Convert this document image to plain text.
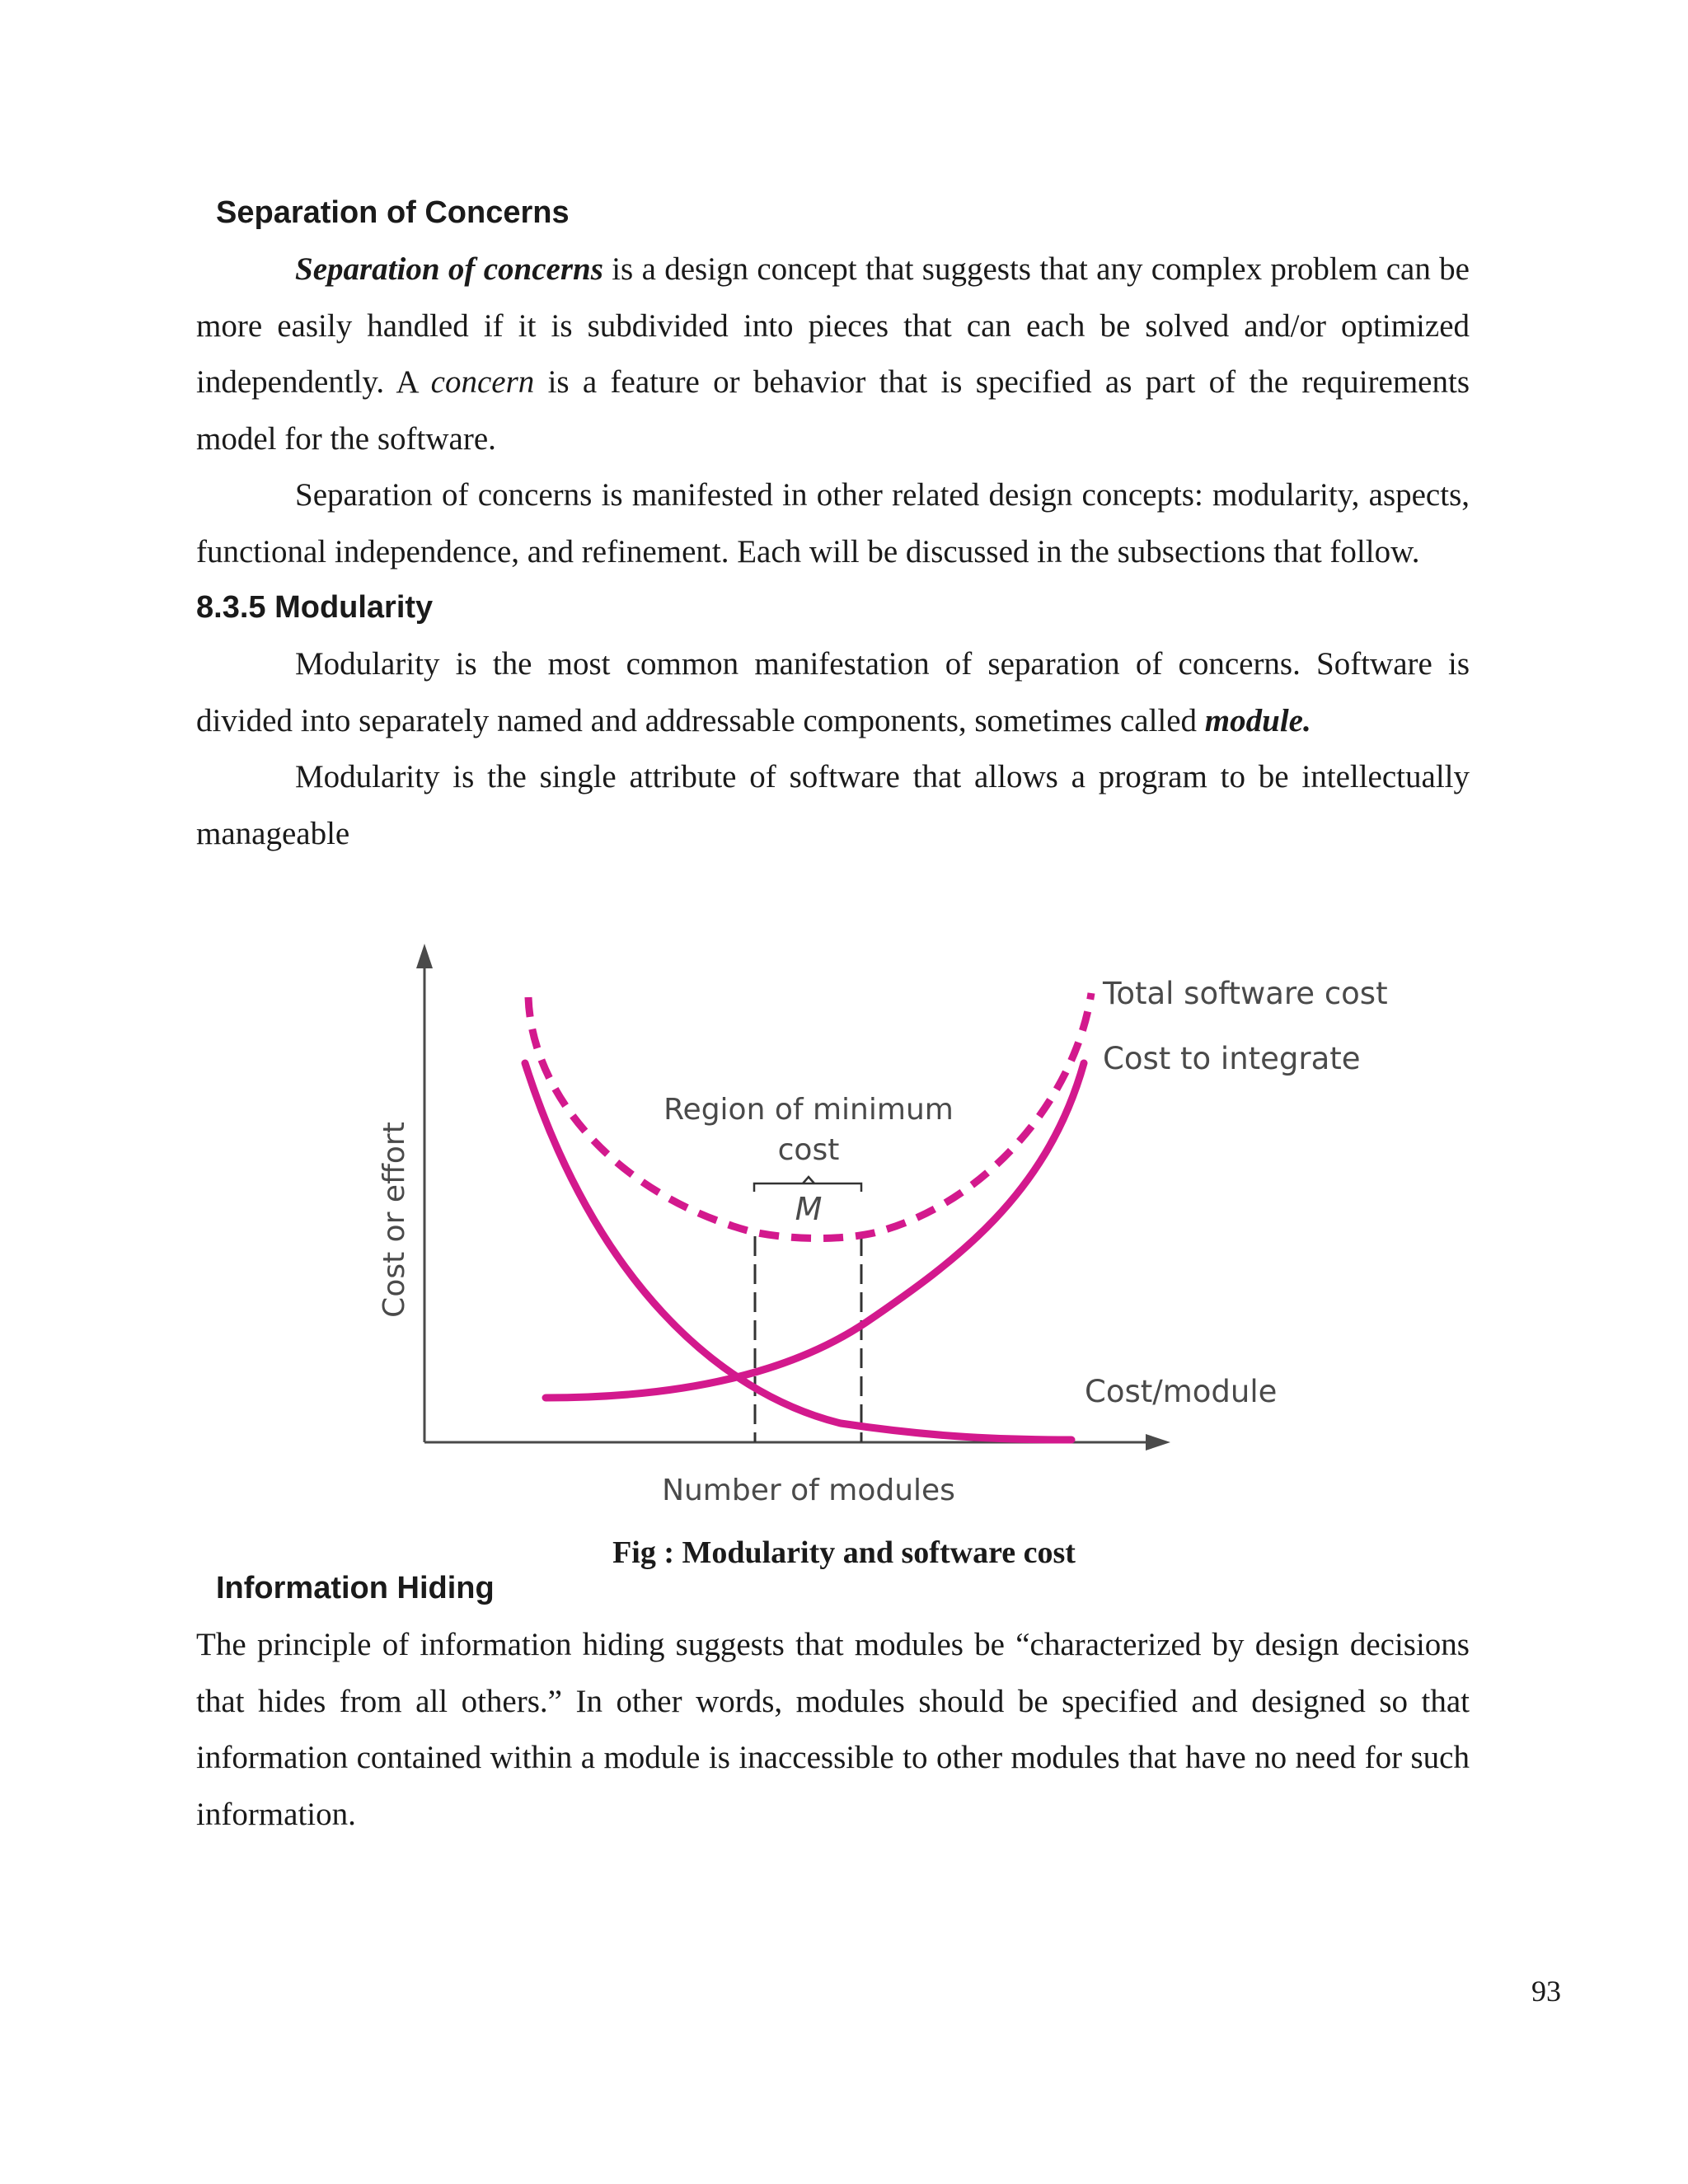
Separation of Concerns

Separation of concerns is a design concept that suggests that any complex problem can be more easily handled if it is subdivided into pieces that can each be solved and/or optimized independently. A concern is a feature or behavior that is specified as part of the requirements model for the software.

Separation of concerns is manifested in other related design concepts: modularity, aspects, functional independence, and refinement. Each will be discussed in the subsections that follow.

8.3.5 Modularity

Modularity is the most common manifestation of separation of concerns. Software is divided into separately named and addressable components, sometimes called module.

Modularity is the single attribute of software that allows a program to be intellectually manageable

Cost or effort
Number of modules
Region of minimum
cost
M
Total software cost
Cost to integrate
Cost/module

Fig : Modularity and software cost

Information Hiding

The principle of information hiding suggests that modules be “characterized by design decisions that hides from all others.” In other words, modules should be specified and designed so that information contained within a module is inaccessible to other modules that have no need for such information.

93
